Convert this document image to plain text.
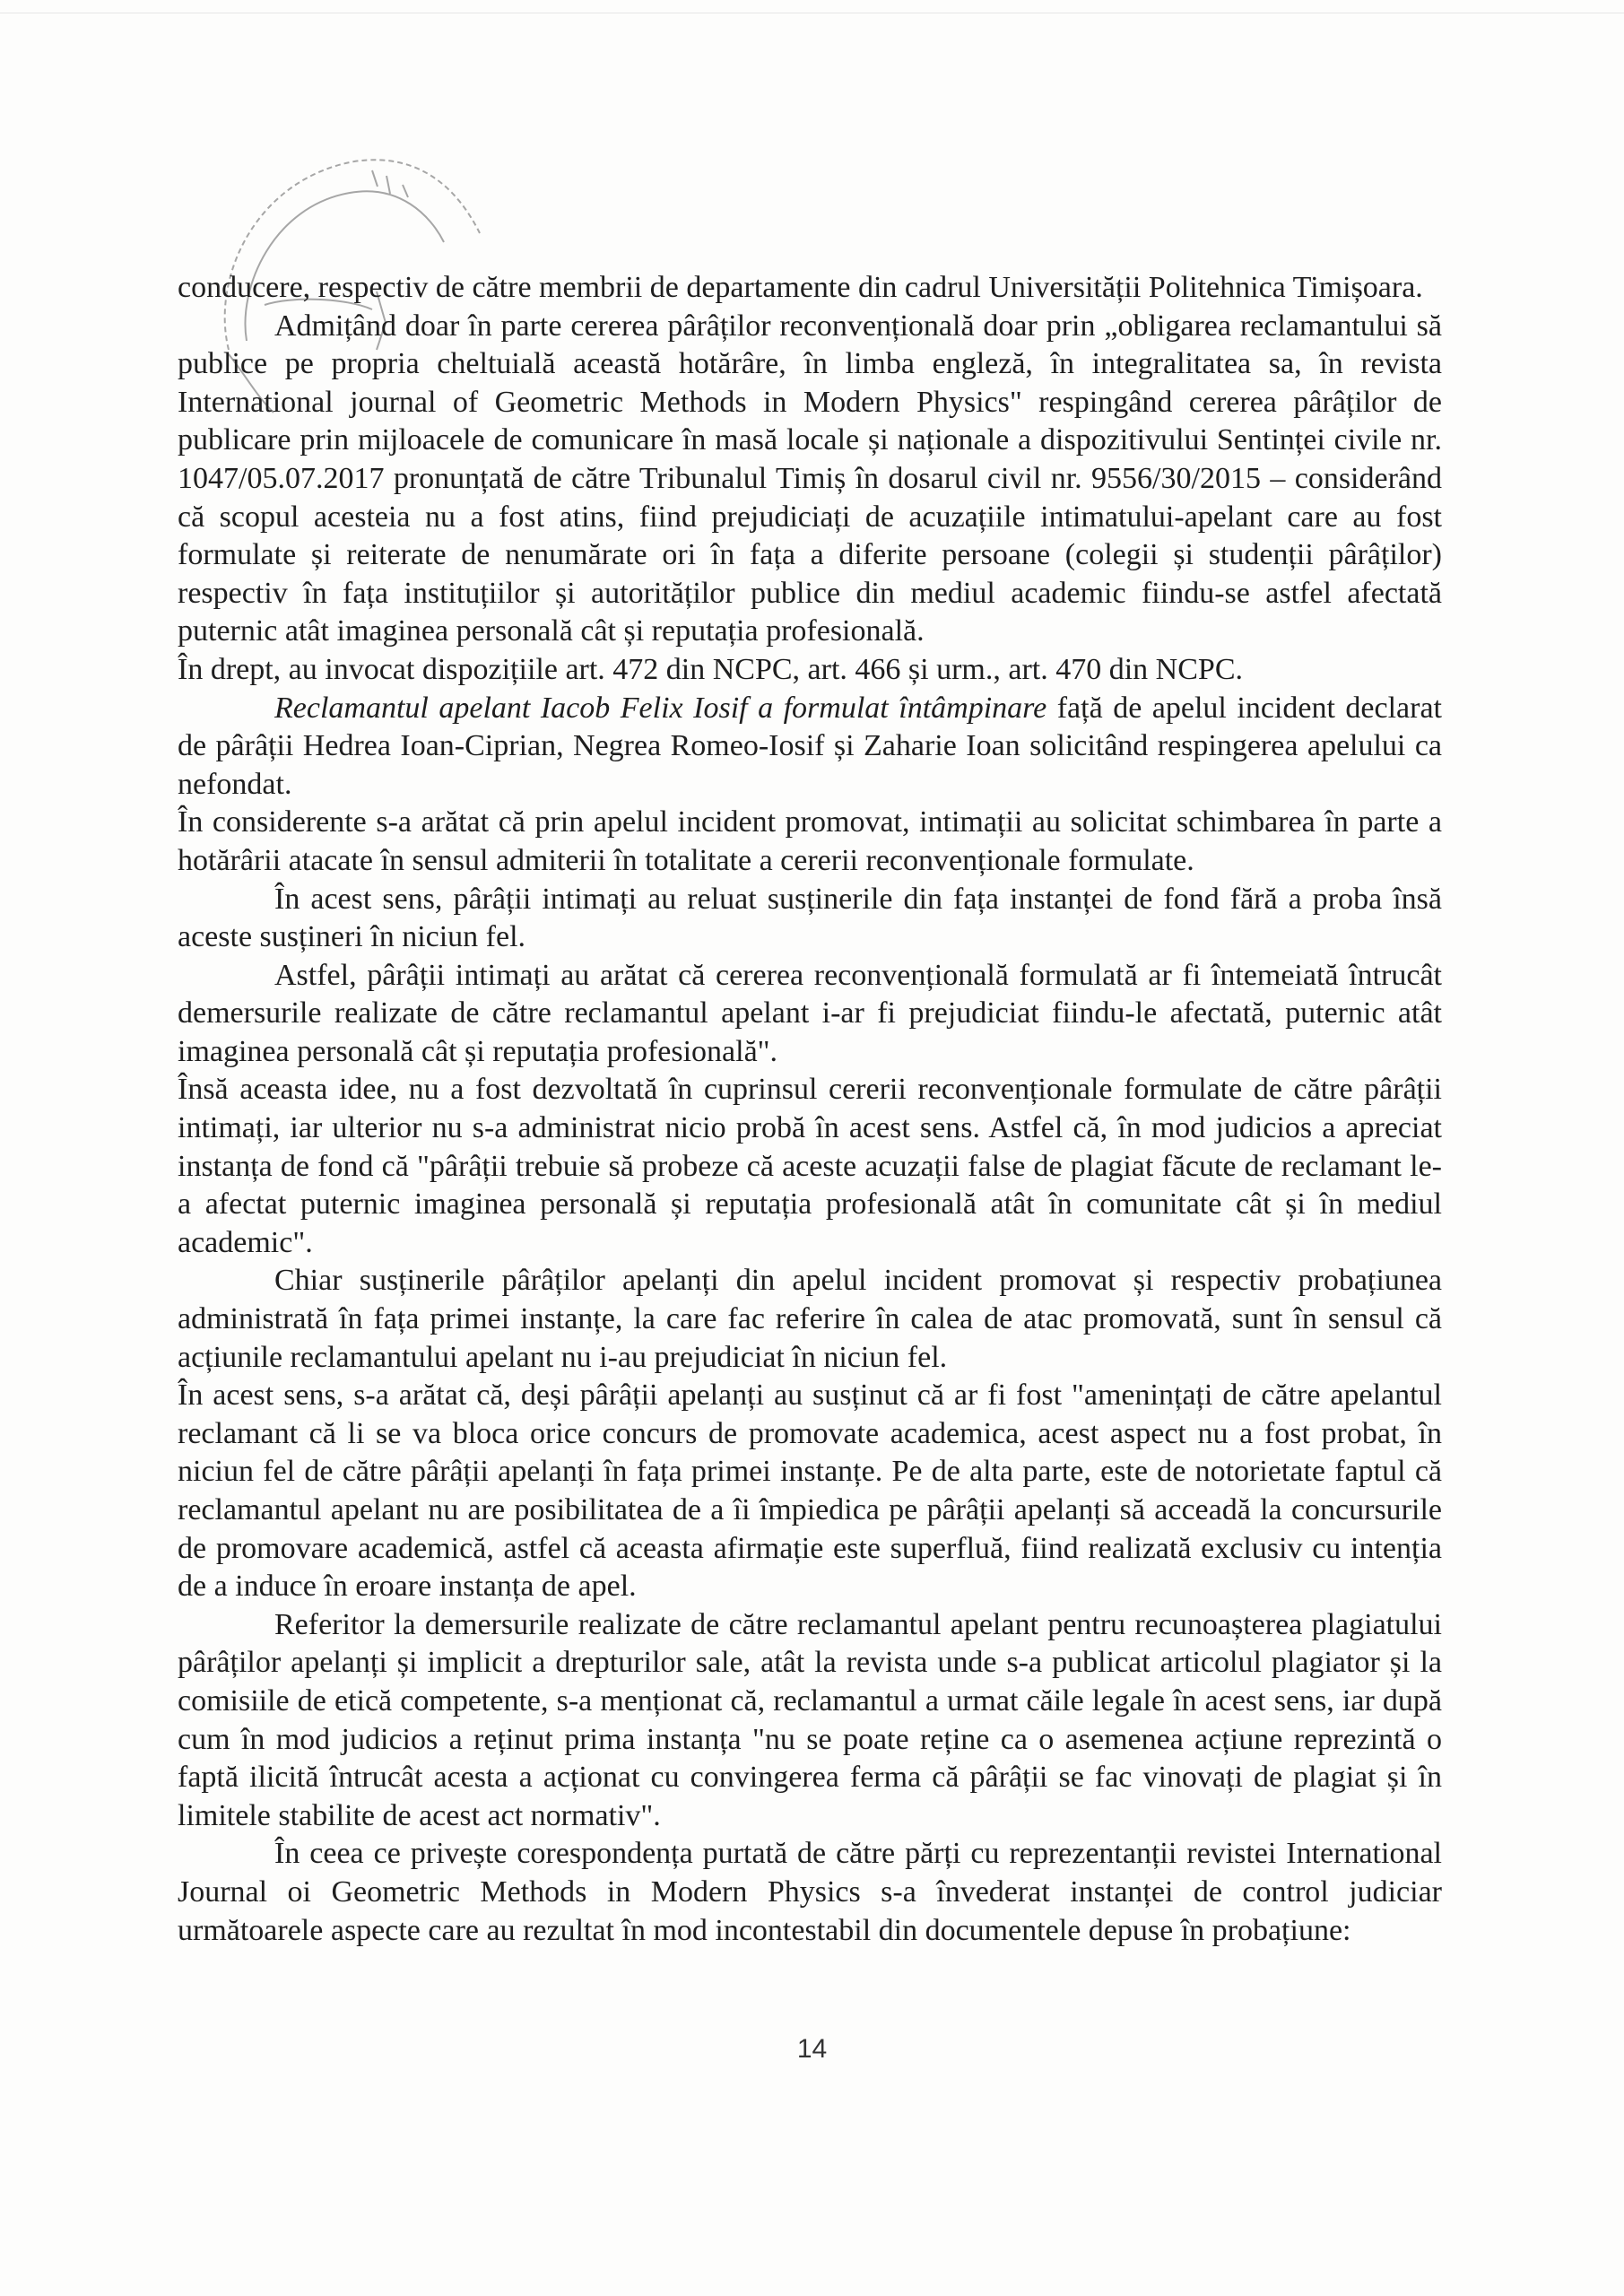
conducere, respectiv de către membrii de departamente din cadrul Universității Politehnica Timișoara.

Admițând doar în parte cererea pârâților reconvențională doar prin „obligarea reclamantului să publice pe propria cheltuială această hotărâre, în limba engleză, în integralitatea sa, în revista International journal of Geometric Methods in Modern Physics" respingând cererea pârâților de publicare prin mijloacele de comunicare în masă locale și naționale a dispozitivului Sentinței civile nr. 1047/05.07.2017 pronunțată de către Tribunalul Timiș în dosarul civil nr. 9556/30/2015 – considerând că scopul acesteia nu a fost atins, fiind prejudiciați de acuzațiile intimatului-apelant care au fost formulate și reiterate de nenumărate ori în fața a diferite persoane (colegii și studenții pârâților) respectiv în fața instituțiilor și autorităților publice din mediul academic fiindu-se astfel afectată puternic atât imaginea personală cât și reputația profesională.

În drept, au invocat dispozițiile art. 472 din NCPC, art. 466 și urm., art. 470 din NCPC.

Reclamantul apelant Iacob Felix Iosif a formulat întâmpinare față de apelul incident declarat de pârâții Hedrea Ioan-Ciprian, Negrea Romeo-Iosif și Zaharie Ioan solicitând respingerea apelului ca nefondat.

În considerente s-a arătat că prin apelul incident promovat, intimații au solicitat schimbarea în parte a hotărârii atacate în sensul admiterii în totalitate a cererii reconvenționale formulate.

În acest sens, pârâții intimați au reluat susținerile din fața instanței de fond fără a proba însă aceste susțineri în niciun fel.

Astfel, pârâții intimați au arătat că cererea reconvențională formulată ar fi întemeiată întrucât demersurile realizate de către reclamantul apelant i-ar fi prejudiciat fiindu-le afectată, puternic atât imaginea personală cât și reputația profesională".

Însă aceasta idee, nu a fost dezvoltată în cuprinsul cererii reconvenționale formulate de către pârâții intimați, iar ulterior nu s-a administrat nicio probă în acest sens. Astfel că, în mod judicios a apreciat instanța de fond că "pârâții trebuie să probeze că aceste acuzații false de plagiat făcute de reclamant le-a afectat puternic imaginea personală și reputația profesională atât în comunitate cât și în mediul academic".

Chiar susținerile pârâților apelanți din apelul incident promovat și respectiv probațiunea administrată în fața primei instanțe, la care fac referire în calea de atac promovată, sunt în sensul că acțiunile reclamantului apelant nu i-au prejudiciat în niciun fel.

În acest sens, s-a arătat că, deși pârâții apelanți au susținut că ar fi fost "amenințați de către apelantul reclamant că li se va bloca orice concurs de promovate academica, acest aspect nu a fost probat, în niciun fel de către pârâții apelanți în fața primei instanțe. Pe de alta parte, este de notorietate faptul că reclamantul apelant nu are posibilitatea de a îi împiedica pe pârâții apelanți să acceadă la concursurile de promovare academică, astfel că aceasta afirmație este superfluă, fiind realizată exclusiv cu intenția de a induce în eroare instanța de apel.

Referitor la demersurile realizate de către reclamantul apelant pentru recunoașterea plagiatului pârâților apelanți și implicit a drepturilor sale, atât la revista unde s-a publicat articolul plagiator și la comisiile de etică competente, s-a menționat că, reclamantul a urmat căile legale în acest sens, iar după cum în mod judicios a reținut prima instanța "nu se poate reține ca o asemenea acțiune reprezintă o faptă ilicită întrucât acesta a acționat cu convingerea ferma că pârâții se fac vinovați de plagiat și în limitele stabilite de acest act normativ".

În ceea ce privește corespondența purtată de către părți cu reprezentanții revistei International Journal oi Geometric Methods in Modern Physics s-a învederat instanței de control judiciar următoarele aspecte care au rezultat în mod incontestabil din documentele depuse în probațiune:

14
